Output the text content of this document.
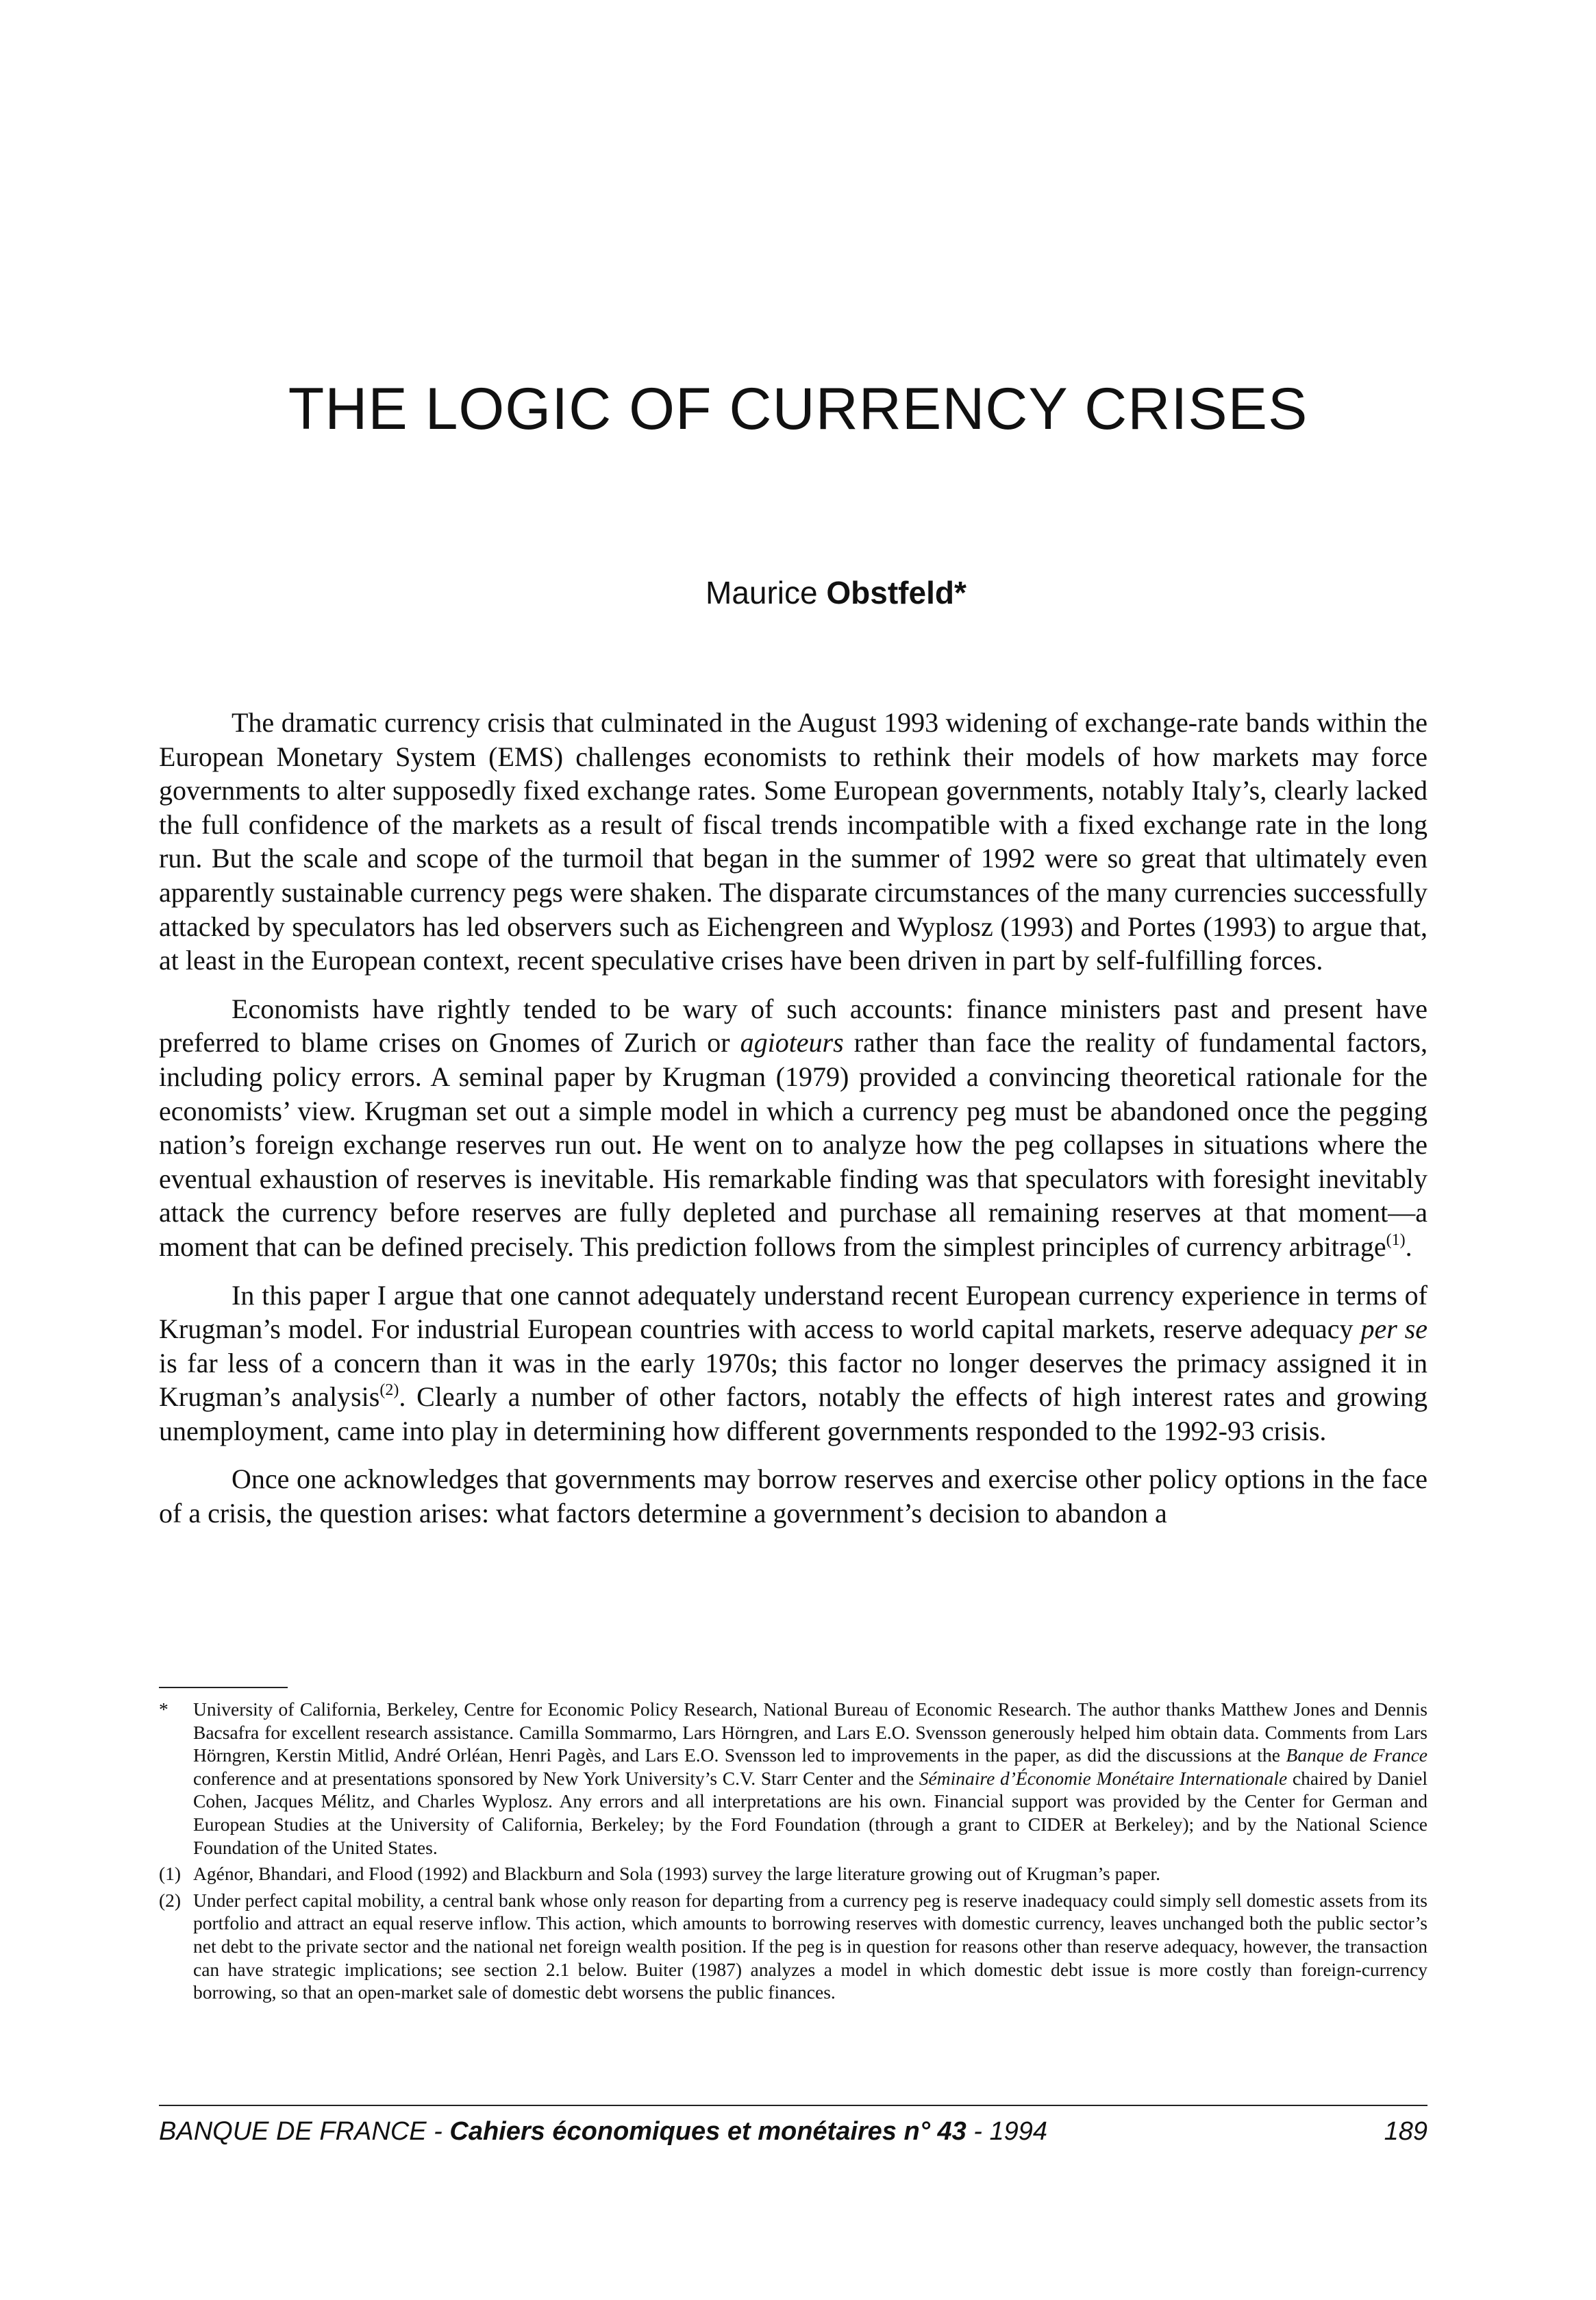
THE LOGIC OF CURRENCY CRISES
Maurice Obstfeld*

The dramatic currency crisis that culminated in the August 1993 widening of exchange-rate bands within the European Monetary System (EMS) challenges economists to rethink their models of how markets may force governments to alter supposedly fixed exchange rates. Some European governments, notably Italy’s, clearly lacked the full confidence of the markets as a result of fiscal trends incompatible with a fixed exchange rate in the long run. But the scale and scope of the turmoil that began in the summer of 1992 were so great that ultimately even apparently sustainable currency pegs were shaken. The disparate circumstances of the many currencies successfully attacked by speculators has led observers such as Eichengreen and Wyplosz (1993) and Portes (1993) to argue that, at least in the European context, recent speculative crises have been driven in part by self-fulfilling forces.

Economists have rightly tended to be wary of such accounts: finance ministers past and present have preferred to blame crises on Gnomes of Zurich or agioteurs rather than face the reality of fundamental factors, including policy errors. A seminal paper by Krugman (1979) provided a convincing theoretical rationale for the economists’ view. Krugman set out a simple model in which a currency peg must be abandoned once the pegging nation’s foreign exchange reserves run out. He went on to analyze how the peg collapses in situations where the eventual exhaustion of reserves is inevitable. His remarkable finding was that speculators with foresight inevitably attack the currency before reserves are fully depleted and purchase all remaining reserves at that moment—a moment that can be defined precisely. This prediction follows from the simplest principles of currency arbitrage$^{(1)}$.

In this paper I argue that one cannot adequately understand recent European currency experience in terms of Krugman’s model. For industrial European countries with access to world capital markets, reserve adequacy per se is far less of a concern than it was in the early 1970s; this factor no longer deserves the primacy assigned it in Krugman’s analysis$^{(2)}$. Clearly a number of other factors, notably the effects of high interest rates and growing unemployment, came into play in determining how different governments responded to the 1992-93 crisis.

Once one acknowledges that governments may borrow reserves and exercise other policy options in the face of a crisis, the question arises: what factors determine a government’s decision to abandon a

*	University of California, Berkeley, Centre for Economic Policy Research, National Bureau of Economic Research. The author thanks Matthew Jones and Dennis Bacsafra for excellent research assistance. Camilla Sommarmo, Lars Hörngren, and Lars E.O. Svensson generously helped him obtain data. Comments from Lars Hörngren, Kerstin Mitlid, André Orléan, Henri Pagès, and Lars E.O. Svensson led to improvements in the paper, as did the discussions at the Banque de France conference and at presentations sponsored by New York University’s C.V. Starr Center and the Séminaire d’Économie Monétaire Internationale chaired by Daniel Cohen, Jacques Mélitz, and Charles Wyplosz. Any errors and all interpretations are his own. Financial support was provided by the Center for German and European Studies at the University of California, Berkeley; by the Ford Foundation (through a grant to CIDER at Berkeley); and by the National Science Foundation of the United States.
(1) Agénor, Bhandari, and Flood (1992) and Blackburn and Sola (1993) survey the large literature growing out of Krugman’s paper.
(2) Under perfect capital mobility, a central bank whose only reason for departing from a currency peg is reserve inadequacy could simply sell domestic assets from its portfolio and attract an equal reserve inflow. This action, which amounts to borrowing reserves with domestic currency, leaves unchanged both the public sector’s net debt to the private sector and the national net foreign wealth position. If the peg is in question for reasons other than reserve adequacy, however, the transaction can have strategic implications; see section 2.1 below. Buiter (1987) analyzes a model in which domestic debt issue is more costly than foreign-currency borrowing, so that an open-market sale of domestic debt worsens the public finances.
BANQUE DE FRANCE - Cahiers économiques et monétaires n° 43 - 1994	189
